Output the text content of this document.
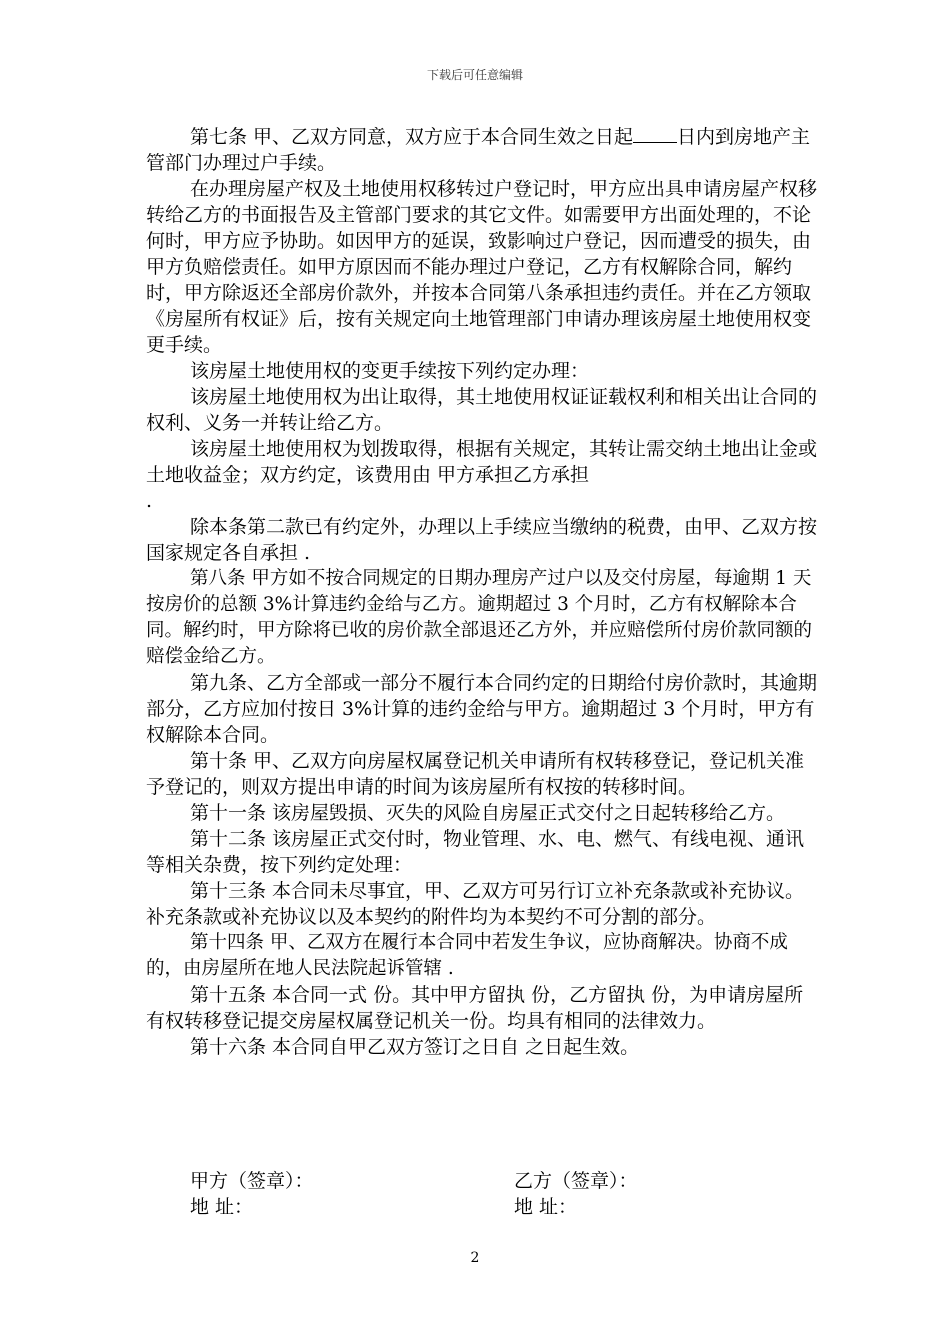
下载后可任意编辑

第七条 甲、乙双方同意，双方应于本合同生效之日起 日内到房地产主管部门办理过户手续。

在办理房屋产权及土地使用权移转过户登记时，甲方应出具申请房屋产权移转给乙方的书面报告及主管部门要求的其它文件。如需要甲方出面处理的，不论何时，甲方应予协助。如因甲方的延误，致影响过户登记，因而遭受的损失，由甲方负赔偿责任。如甲方原因而不能办理过户登记，乙方有权解除合同，解约时，甲方除返还全部房价款外，并按本合同第八条承担违约责任。并在乙方领取《房屋所有权证》后，按有关规定向土地管理部门申请办理该房屋土地使用权变更手续。

该房屋土地使用权的变更手续按下列约定办理：

该房屋土地使用权为出让取得，其土地使用权证证载权利和相关出让合同的权利、义务一并转让给乙方。

该房屋土地使用权为划拨取得，根据有关规定，其转让需交纳土地出让金或土地收益金；双方约定，该费用由 甲方承担乙方承担

.

除本条第二款已有约定外，办理以上手续应当缴纳的税费，由甲、乙双方按国家规定各自承担 .

第八条 甲方如不按合同规定的日期办理房产过户以及交付房屋，每逾期 1 天按房价的总额 3%计算违约金给与乙方。逾期超过 3 个月时，乙方有权解除本合同。解约时，甲方除将已收的房价款全部退还乙方外，并应赔偿所付房价款同额的赔偿金给乙方。

第九条、乙方全部或一部分不履行本合同约定的日期给付房价款时，其逾期部分，乙方应加付按日 3%计算的违约金给与甲方。逾期超过 3 个月时，甲方有权解除本合同。

第十条 甲、乙双方向房屋权属登记机关申请所有权转移登记，登记机关准予登记的，则双方提出申请的时间为该房屋所有权按的转移时间。

第十一条 该房屋毁损、灭失的风险自房屋正式交付之日起转移给乙方。

第十二条 该房屋正式交付时，物业管理、水、电、燃气、有线电视、通讯等相关杂费，按下列约定处理：

第十三条 本合同未尽事宜，甲、乙双方可另行订立补充条款或补充协议。补充条款或补充协议以及本契约的附件均为本契约不可分割的部分。

第十四条 甲、乙双方在履行本合同中若发生争议，应协商解决。协商不成的，由房屋所在地人民法院起诉管辖 .

第十五条 本合同一式 份。其中甲方留执 份，乙方留执 份，为申请房屋所有权转移登记提交房屋权属登记机关一份。均具有相同的法律效力。

第十六条 本合同自甲乙双方签订之日自 之日起生效。

甲方（签章）：	乙方（签章）：
地 址：	地 址：
2
